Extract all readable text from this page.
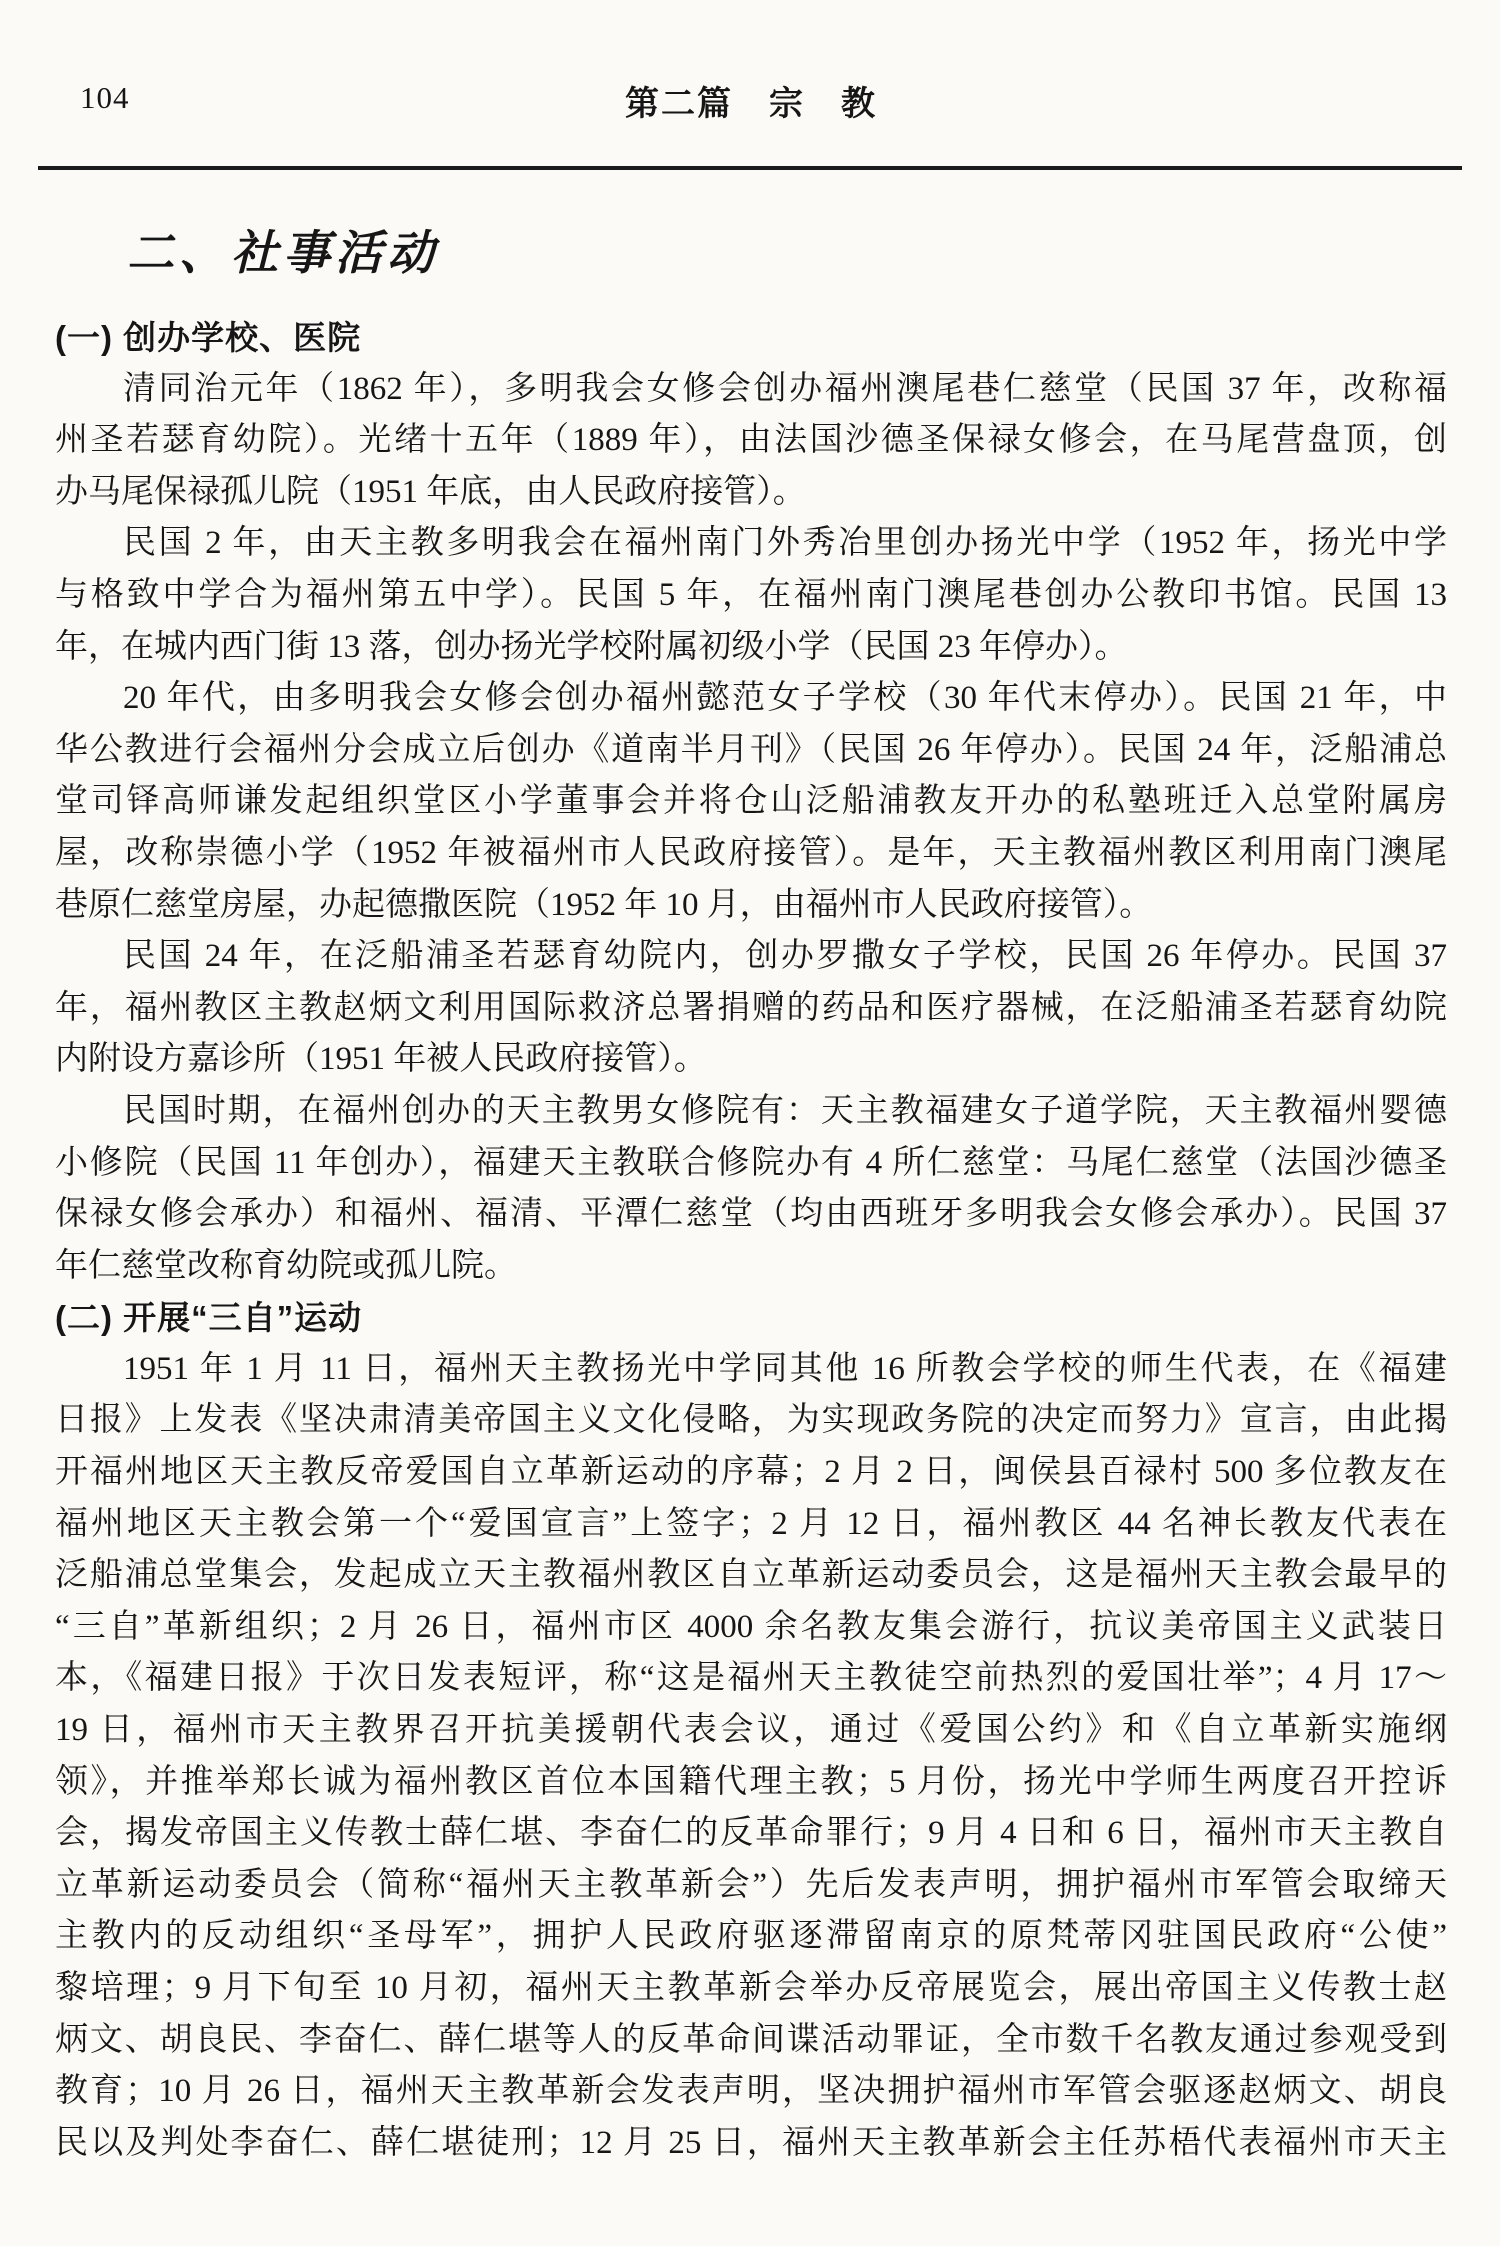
104	第二篇　宗　教
二、社事活动
(一) 创办学校、医院
清同治元年（1862 年），多明我会女修会创办福州澳尾巷仁慈堂（民国 37 年，改称福
州圣若瑟育幼院）。光绪十五年（1889 年），由法国沙德圣保禄女修会，在马尾营盘顶，创
办马尾保禄孤儿院（1951 年底，由人民政府接管）。
民国 2 年，由天主教多明我会在福州南门外秀冶里创办扬光中学（1952 年，扬光中学
与格致中学合为福州第五中学）。民国 5 年，在福州南门澳尾巷创办公教印书馆。民国 13
年，在城内西门街 13 落，创办扬光学校附属初级小学（民国 23 年停办）。
20 年代，由多明我会女修会创办福州懿范女子学校（30 年代末停办）。民国 21 年，中
华公教进行会福州分会成立后创办《道南半月刊》（民国 26 年停办）。民国 24 年，泛船浦总
堂司铎高师谦发起组织堂区小学董事会并将仓山泛船浦教友开办的私塾班迁入总堂附属房
屋，改称崇德小学（1952 年被福州市人民政府接管）。是年，天主教福州教区利用南门澳尾
巷原仁慈堂房屋，办起德撒医院（1952 年 10 月，由福州市人民政府接管）。
民国 24 年，在泛船浦圣若瑟育幼院内，创办罗撒女子学校，民国 26 年停办。民国 37
年，福州教区主教赵炳文利用国际救济总署捐赠的药品和医疗器械，在泛船浦圣若瑟育幼院
内附设方嘉诊所（1951 年被人民政府接管）。
民国时期，在福州创办的天主教男女修院有：天主教福建女子道学院，天主教福州婴德
小修院（民国 11 年创办），福建天主教联合修院办有 4 所仁慈堂：马尾仁慈堂（法国沙德圣
保禄女修会承办）和福州、福清、平潭仁慈堂（均由西班牙多明我会女修会承办）。民国 37
年仁慈堂改称育幼院或孤儿院。
(二) 开展“三自”运动
1951 年 1 月 11 日，福州天主教扬光中学同其他 16 所教会学校的师生代表，在《福建
日报》上发表《坚决肃清美帝国主义文化侵略，为实现政务院的决定而努力》宣言，由此揭
开福州地区天主教反帝爱国自立革新运动的序幕；2 月 2 日，闽侯县百禄村 500 多位教友在
福州地区天主教会第一个“爱国宣言”上签字；2 月 12 日，福州教区 44 名神长教友代表在
泛船浦总堂集会，发起成立天主教福州教区自立革新运动委员会，这是福州天主教会最早的
“三自”革新组织；2 月 26 日，福州市区 4000 余名教友集会游行，抗议美帝国主义武装日
本，《福建日报》于次日发表短评，称“这是福州天主教徒空前热烈的爱国壮举”；4 月 17～
19 日，福州市天主教界召开抗美援朝代表会议，通过《爱国公约》和《自立革新实施纲
领》，并推举郑长诚为福州教区首位本国籍代理主教；5 月份，扬光中学师生两度召开控诉
会，揭发帝国主义传教士薛仁堪、李奋仁的反革命罪行；9 月 4 日和 6 日，福州市天主教自
立革新运动委员会（简称“福州天主教革新会”）先后发表声明，拥护福州市军管会取缔天
主教内的反动组织“圣母军”，拥护人民政府驱逐滞留南京的原梵蒂冈驻国民政府“公使”
黎培理；9 月下旬至 10 月初，福州天主教革新会举办反帝展览会，展出帝国主义传教士赵
炳文、胡良民、李奋仁、薛仁堪等人的反革命间谍活动罪证，全市数千名教友通过参观受到
教育；10 月 26 日，福州天主教革新会发表声明，坚决拥护福州市军管会驱逐赵炳文、胡良
民以及判处李奋仁、薛仁堪徒刑；12 月 25 日，福州天主教革新会主任苏梧代表福州市天主
